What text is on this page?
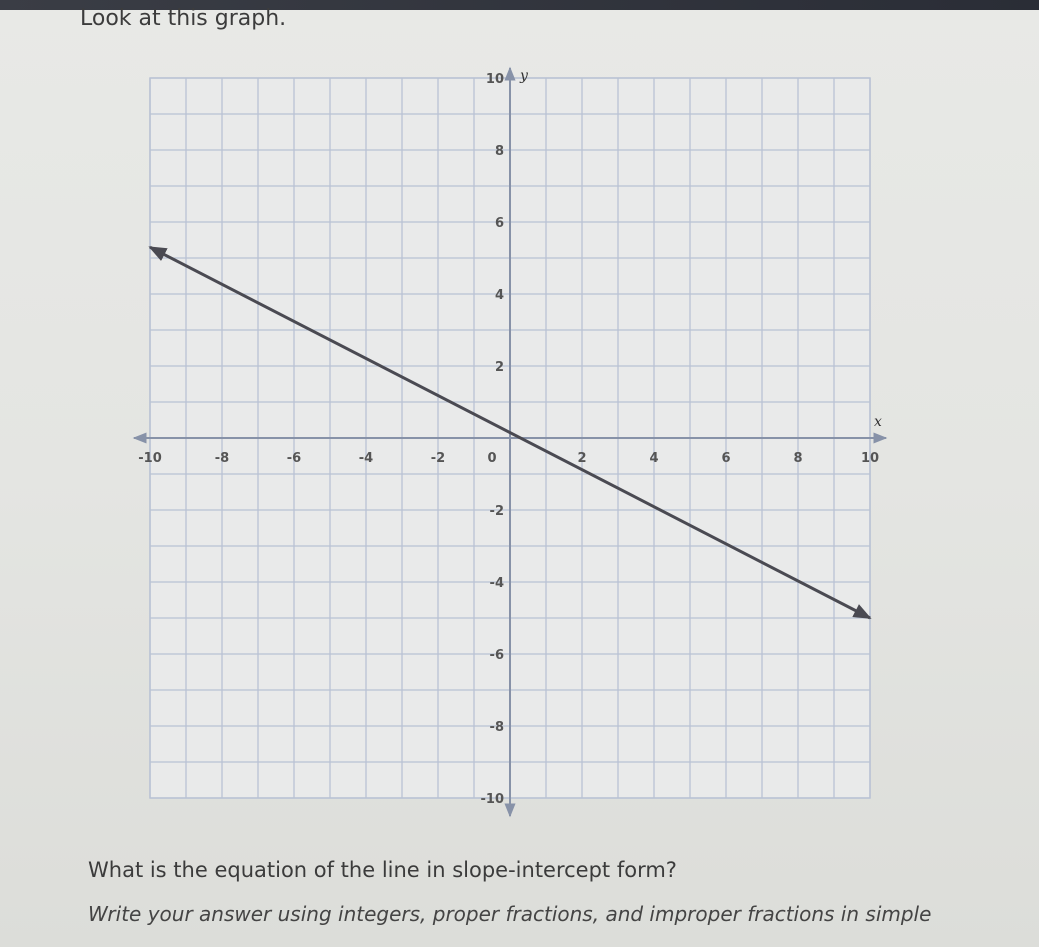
Look at this graph.
x
y
-10	-8	-6	-4	-2	0	2	4	6	8	10
-10
-8
-6
-4
-2
2
4
6
8
10
What is the equation of the line in slope-intercept form?
Write your answer using integers, proper fractions, and improper fractions in simple
